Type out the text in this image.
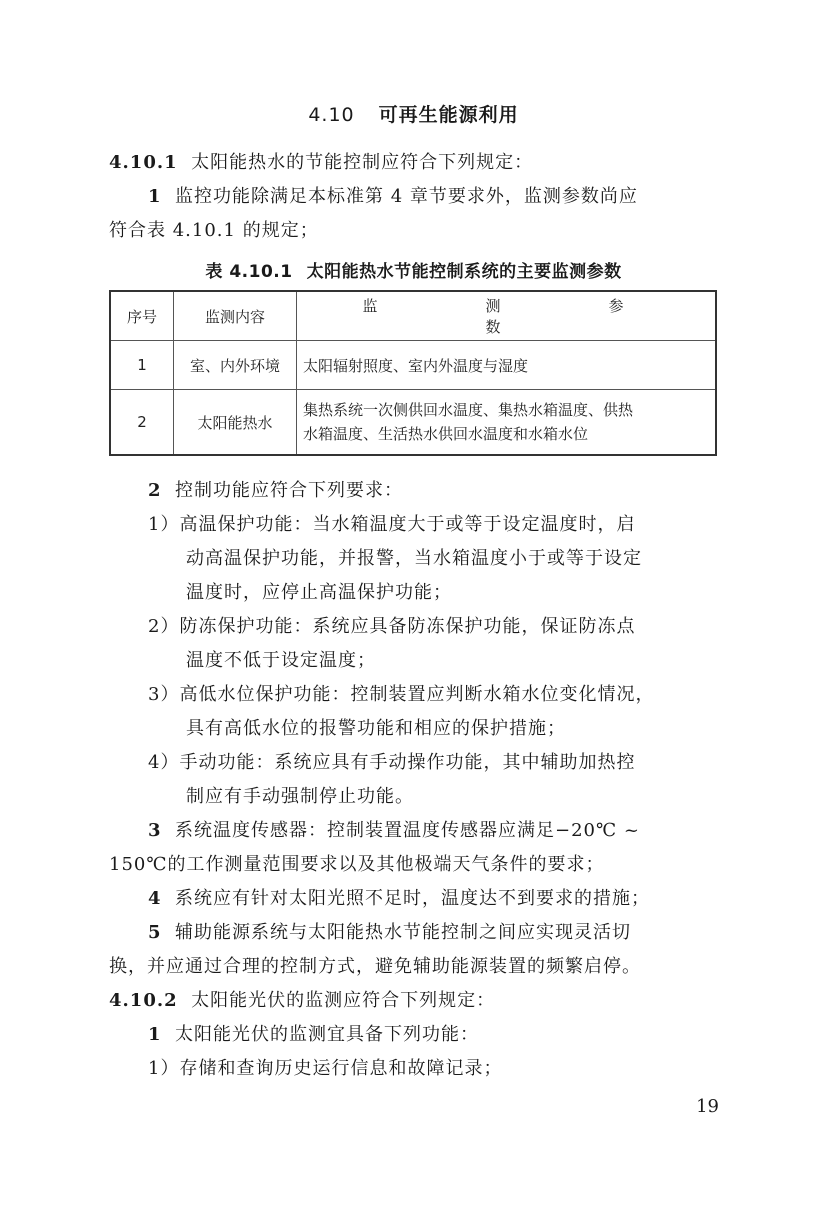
4.10 可再生能源利用
4.10.1 太阳能热水的节能控制应符合下列规定：
1 监控功能除满足本标准第 4 章节要求外，监测参数尚应
符合表 4.10.1 的规定；
表 4.10.1 太阳能热水节能控制系统的主要监测参数
序号	监测内容	监　　测　　参　　数
1	室、内外环境	太阳辐射照度、室内外温度与湿度
2	太阳能热水	集热系统一次侧供回水温度、集热水箱温度、供热
水箱温度、生活热水供回水温度和水箱水位
2 控制功能应符合下列要求：
1）高温保护功能：当水箱温度大于或等于设定温度时，启
动高温保护功能，并报警，当水箱温度小于或等于设定
温度时，应停止高温保护功能；
2）防冻保护功能：系统应具备防冻保护功能，保证防冻点
温度不低于设定温度；
3）高低水位保护功能：控制装置应判断水箱水位变化情况，
具有高低水位的报警功能和相应的保护措施；
4）手动功能：系统应具有手动操作功能，其中辅助加热控
制应有手动强制停止功能。
3 系统温度传感器：控制装置温度传感器应满足−20℃ ~
150℃的工作测量范围要求以及其他极端天气条件的要求；
4 系统应有针对太阳光照不足时，温度达不到要求的措施；
5 辅助能源系统与太阳能热水节能控制之间应实现灵活切
换，并应通过合理的控制方式，避免辅助能源装置的频繁启停。
4.10.2 太阳能光伏的监测应符合下列规定：
1 太阳能光伏的监测宜具备下列功能：
1）存储和查询历史运行信息和故障记录；
19
